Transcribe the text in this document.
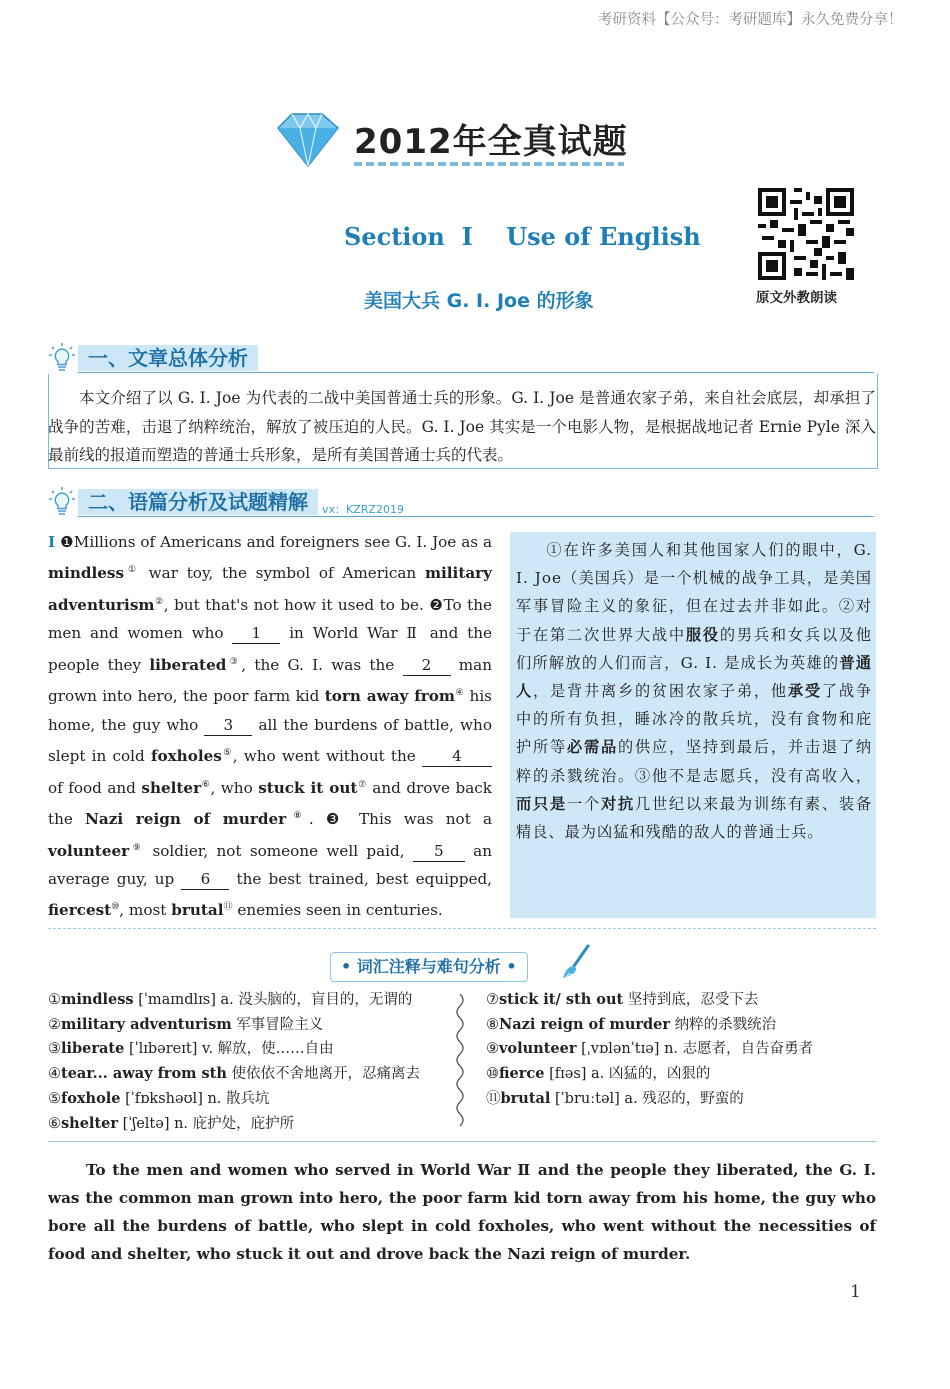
考研资料【公众号：考研题库】永久免费分享！
2012年全真试题
Section  Ⅰ    Use of English
美国大兵 G. I. Joe 的形象	原文外教朗读
一、文章总体分析
本文介绍了以 G. I. Joe 为代表的二战中美国普通士兵的形象。G. I. Joe 是普通农家子弟，来自社会底层，却承担了战争的苦难，击退了纳粹统治，解放了被压迫的人民。G. I. Joe 其实是一个电影人物，是根据战地记者 Ernie Pyle 深入最前线的报道而塑造的普通士兵形象，是所有美国普通士兵的代表。
二、语篇分析及试题精解	vx：KZRZ2019
Ⅰ ❶Millions of Americans and foreigners see G. I. Joe as a mindless① war toy, the symbol of American military adventurism②, but that's not how it used to be. ❷To the men and women who 1 in World War Ⅱ and the people they liberated③, the G. I. was the 2 man grown into hero, the poor farm kid torn away from④ his home, the guy who 3 all the burdens of battle, who slept in cold foxholes⑤, who went without the 4 of food and shelter⑥, who stuck it out⑦ and drove back the Nazi reign of murder⑧. ❸ This was not a volunteer⑨ soldier, not someone well paid, 5 an average guy, up 6 the best trained, best equipped, fiercest⑩, most brutal⑪ enemies seen in centuries.
①在许多美国人和其他国家人们的眼中，G. I. Joe（美国兵）是一个机械的战争工具，是美国军事冒险主义的象征，但在过去并非如此。②对于在第二次世界大战中服役的男兵和女兵以及他们所解放的人们而言，G. I. 是成长为英雄的普通人，是背井离乡的贫困农家子弟，他承受了战争中的所有负担，睡冰冷的散兵坑，没有食物和庇护所等必需品的供应，坚持到最后，并击退了纳粹的杀戮统治。③他不是志愿兵，没有高收入，而只是一个对抗几世纪以来最为训练有素、装备精良、最为凶猛和残酷的敌人的普通士兵。
• 词汇注释与难句分析 •
①mindless [ˈmaɪndlɪs] a. 没头脑的，盲目的，无谓的
②military adventurism 军事冒险主义
③liberate [ˈlɪbəreɪt] v. 解放，使……自由
④tear... away from sth 使依依不舍地离开，忍痛离去
⑤foxhole [ˈfɒkshəʊl] n. 散兵坑
⑥shelter [ˈʃeltə] n. 庇护处，庇护所
⑦stick it/ sth out 坚持到底，忍受下去
⑧Nazi reign of murder 纳粹的杀戮统治
⑨volunteer [ˌvɒlənˈtɪə] n. 志愿者，自告奋勇者
⑩fierce [fɪəs] a. 凶猛的，凶狠的
⑪brutal [ˈbruːtəl] a. 残忍的，野蛮的
To the men and women who served in World War Ⅱ and the people they liberated, the G. I. was the common man grown into hero, the poor farm kid torn away from his home, the guy who bore all the burdens of battle, who slept in cold foxholes, who went without the necessities of food and shelter, who stuck it out and drove back the Nazi reign of murder.
1
